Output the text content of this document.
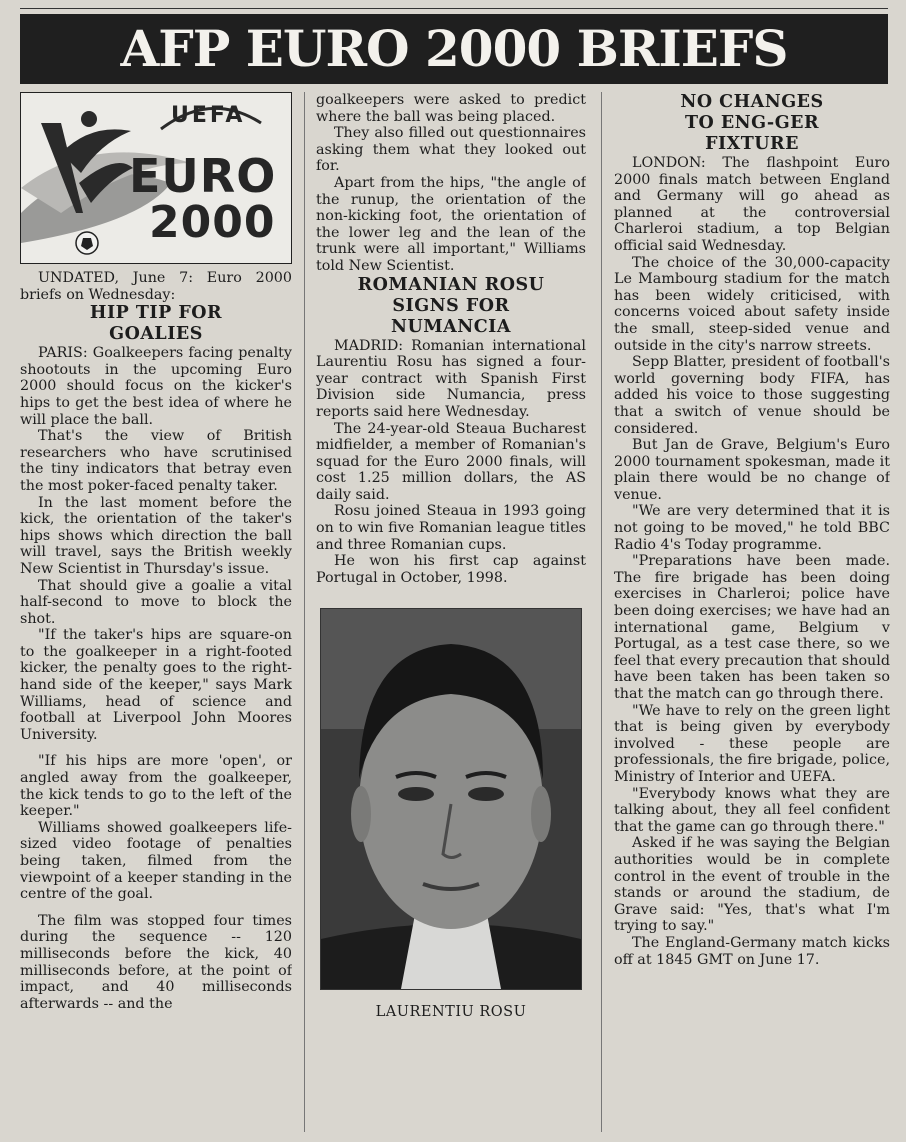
AFP EURO 2000 BRIEFS
UEFA
EURO
2000

UNDATED, June 7: Euro 2000 briefs on Wednesday:

HIP TIP FOR
GOALIES

PARIS: Goalkeepers facing penalty shootouts in the upcoming Euro 2000 should focus on the kicker's hips to get the best idea of where he will place the ball.

That's the view of British researchers who have scrutinised the tiny indicators that betray even the most poker-faced penalty taker.

In the last moment before the kick, the orientation of the taker's hips shows which direction the ball will travel, says the British weekly New Scientist in Thursday's issue.

That should give a goalie a vital half-second to move to block the shot.

"If the taker's hips are square-on to the goalkeeper in a right-footed kicker, the penalty goes to the right-hand side of the keeper," says Mark Williams, head of science and football at Liverpool John Moores University.

"If his hips are more 'open', or angled away from the goalkeeper, the kick tends to go to the left of the keeper."

Williams showed goalkeepers life-sized video footage of penalties being taken, filmed from the viewpoint of a keeper standing in the centre of the goal.

The film was stopped four times during the sequence -- 120 milliseconds before the kick, 40 milliseconds before, at the point of impact, and 40 milliseconds afterwards -- and the

goalkeepers were asked to predict where the ball was being placed.

They also filled out questionnaires asking them what they looked out for.

Apart from the hips, "the angle of the runup, the orientation of the non-kicking foot, the orientation of the lower leg and the lean of the trunk were all important," Williams told New Scientist.

ROMANIAN ROSU
SIGNS FOR
NUMANCIA

MADRID: Romanian international Laurentiu Rosu has signed a four-year contract with Spanish First Division side Numancia, press reports said here Wednesday.

The 24-year-old Steaua Bucharest midfielder, a member of Romanian's squad for the Euro 2000 finals, will cost 1.25 million dollars, the AS daily said.

Rosu joined Steaua in 1993 going on to win five Romanian league titles and three Romanian cups.

He won his first cap against Portugal in October, 1998.

LAURENTIU ROSU
NO CHANGES
TO ENG-GER
FIXTURE

LONDON: The flashpoint Euro 2000 finals match between England and Germany will go ahead as planned at the controversial Charleroi stadium, a top Belgian official said Wednesday.

The choice of the 30,000-capacity Le Mambourg stadium for the match has been widely criticised, with concerns voiced about safety inside the small, steep-sided venue and outside in the city's narrow streets.

Sepp Blatter, president of football's world governing body FIFA, has added his voice to those suggesting that a switch of venue should be considered.

But Jan de Grave, Belgium's Euro 2000 tournament spokesman, made it plain there would be no change of venue.

"We are very determined that it is not going to be moved," he told BBC Radio 4's Today programme.

"Preparations have been made. The fire brigade has been doing exercises in Charleroi; police have been doing exercises; we have had an international game, Belgium v Portugal, as a test case there, so we feel that every precaution that should have been taken has been taken so that the match can go through there.

"We have to rely on the green light that is being given by everybody involved - these people are professionals, the fire brigade, police, Ministry of Interior and UEFA.

"Everybody knows what they are talking about, they all feel confident that the game can go through there."

Asked if he was saying the Belgian authorities would be in complete control in the event of trouble in the stands or around the stadium, de Grave said: "Yes, that's what I'm trying to say."

The England-Germany match kicks off at 1845 GMT on June 17.
